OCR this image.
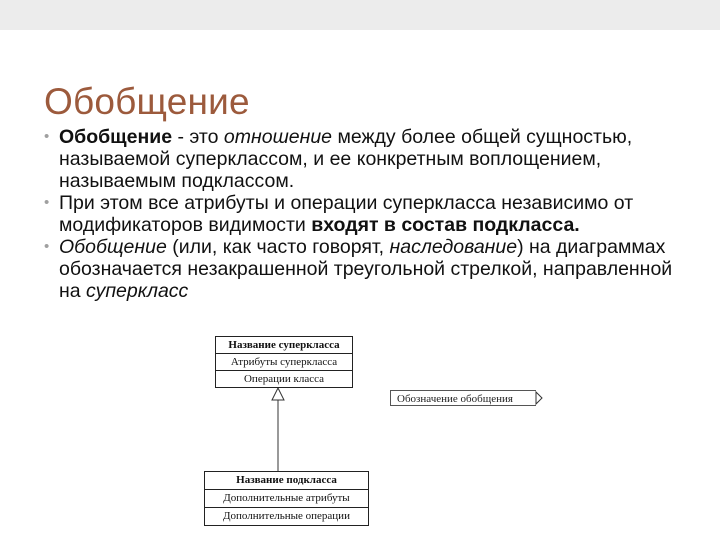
Обобщение
• Обобщение - это отношение между более общей сущностью, называемой суперклассом, и ее конкретным воплощением, называемым подклассом.
• При этом все атрибуты и операции суперкласса независимо от модификаторов видимости входят в состав подкласса.
• Обобщение (или, как часто говорят, наследование) на диаграммах обозначается незакрашенной треугольной стрелкой, направленной на суперкласс
Название суперкласса
Атрибуты суперкласса
Операции класса
Название подкласса
Дополнительные атрибуты
Дополнительные операции
Обозначение обобщения
